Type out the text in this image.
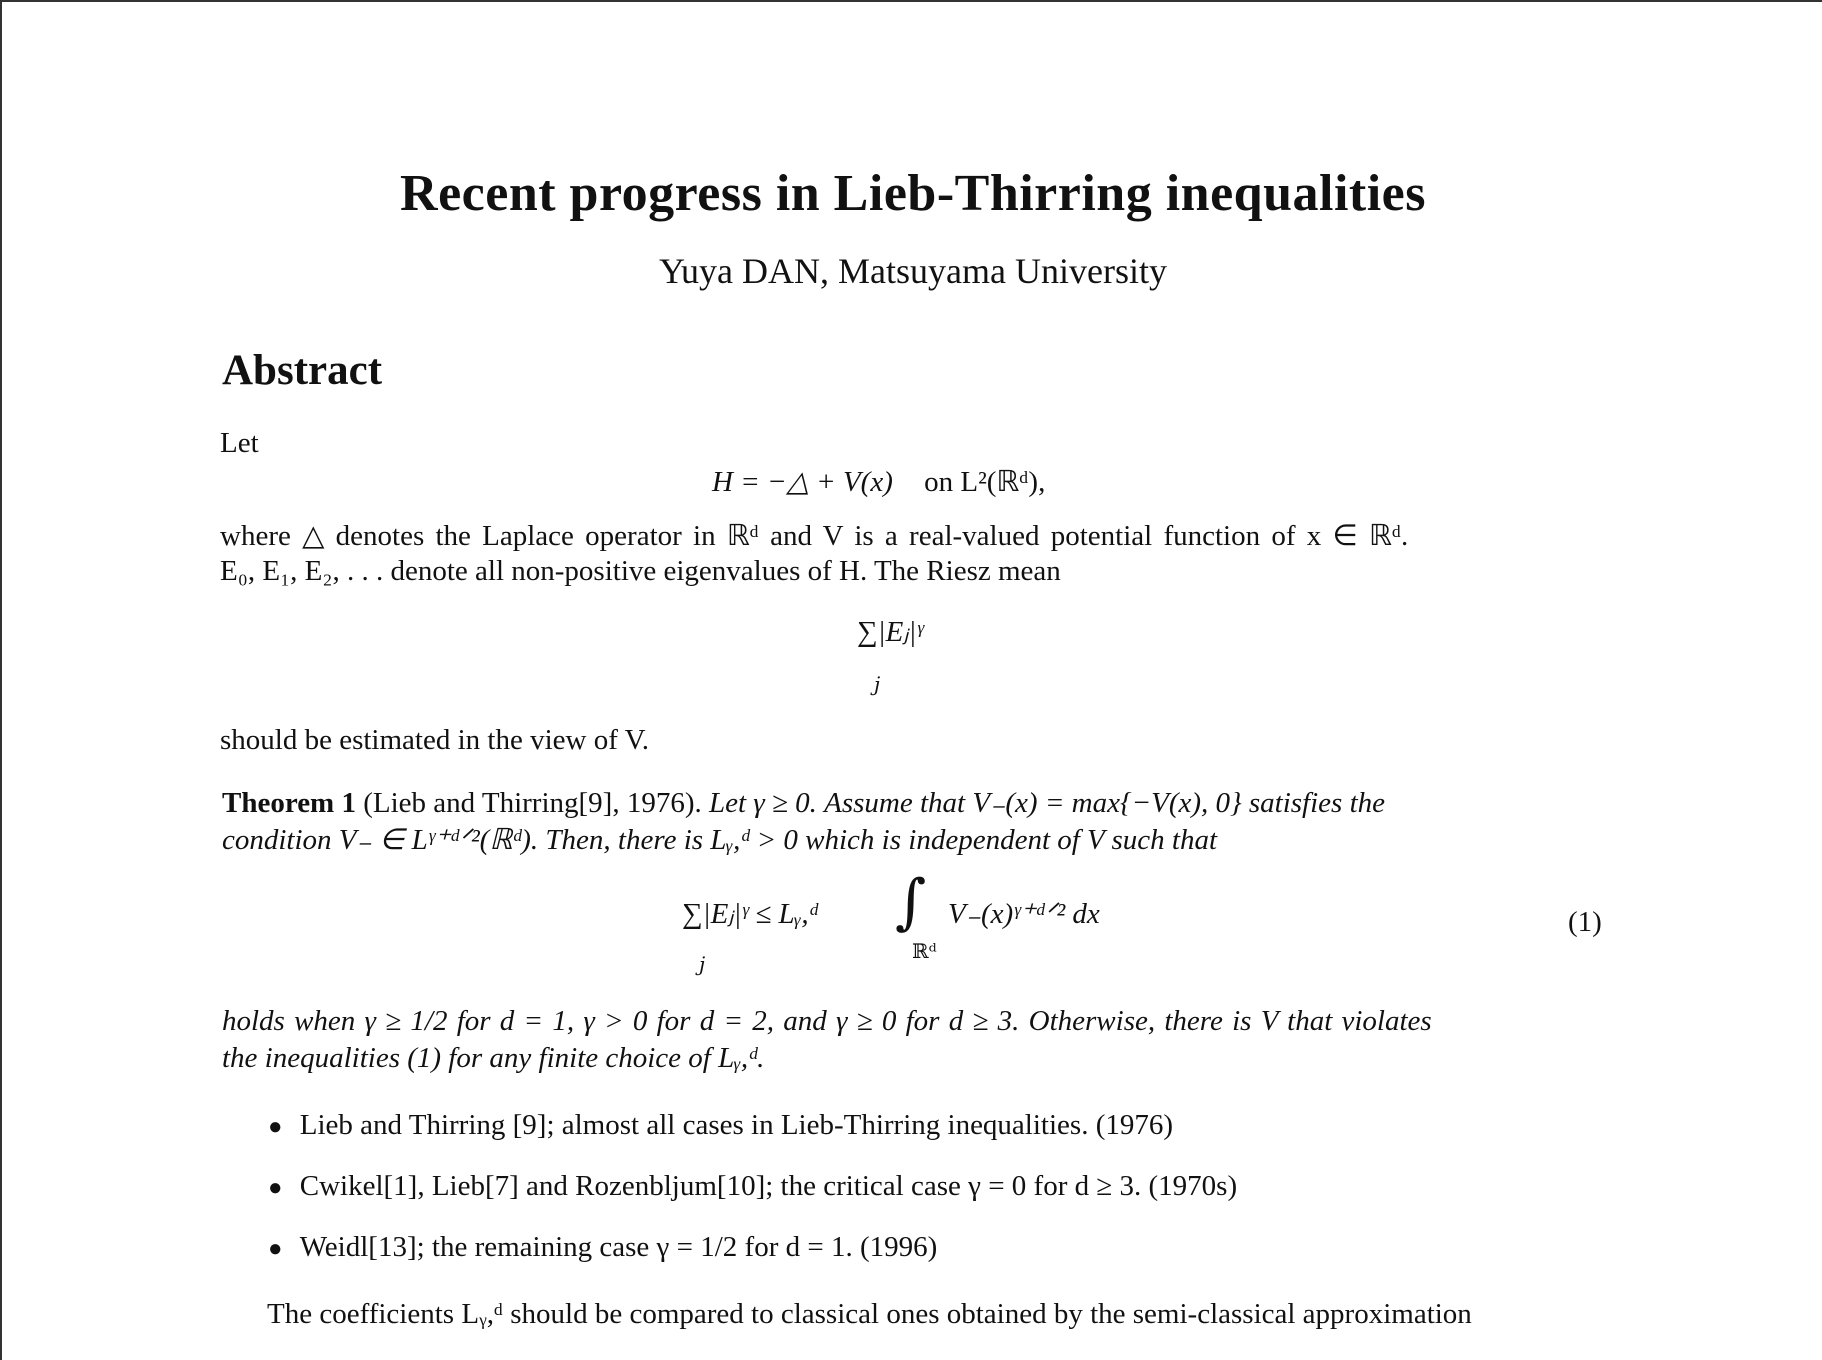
Recent progress in Lieb-Thirring inequalities
Yuya DAN, Matsuyama University
Abstract
Let
H = −△ + V(x) on L²(ℝᵈ),
where △ denotes the Laplace operator in ℝᵈ and V is a real-valued potential function of x ∈ ℝᵈ.
E₀, E₁, E₂, . . . denote all non-positive eigenvalues of H. The Riesz mean
∑|Eⱼ|ᵞ
j
should be estimated in the view of V.
Theorem 1 (Lieb and Thirring[9], 1976). Let γ ≥ 0. Assume that V₋(x) = max{−V(x), 0} satisfies the
condition V₋ ∈ Lᵞ⁺ᵈᐟ²(ℝᵈ). Then, there is Lᵧ,ᵈ > 0 which is independent of V such that
∑|Eⱼ|ᵞ ≤ Lᵧ,ᵈ
j
∫
ℝᵈ
V₋(x)ᵞ⁺ᵈᐟ² dx	(1)
holds when γ ≥ 1/2 for d = 1, γ > 0 for d = 2, and γ ≥ 0 for d ≥ 3. Otherwise, there is V that violates
the inequalities (1) for any finite choice of Lᵧ,ᵈ.
● Lieb and Thirring [9]; almost all cases in Lieb-Thirring inequalities. (1976)
● Cwikel[1], Lieb[7] and Rozenbljum[10]; the critical case γ = 0 for d ≥ 3. (1970s)
● Weidl[13]; the remaining case γ = 1/2 for d = 1. (1996)
The coefficients Lᵧ,ᵈ should be compared to classical ones obtained by the semi-classical approximation
